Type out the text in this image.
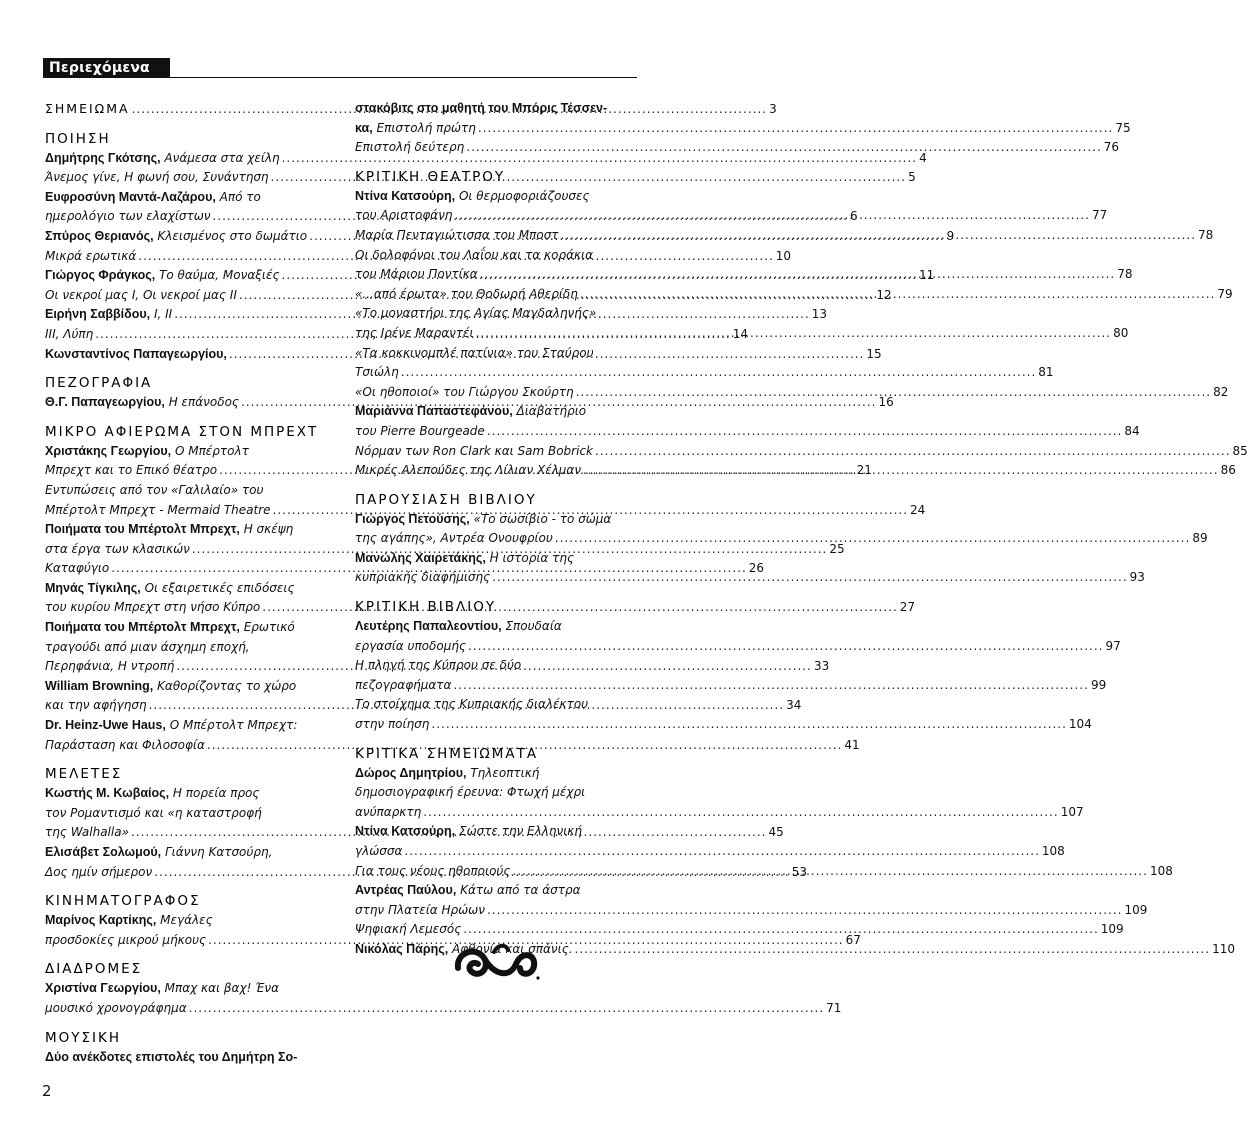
Περιεχόμενα
ΣΗΜΕΙΩΜΑ .....	3
ΠΟΙΗΣΗ
Δημήτρης Γκότσης, Ανάμεσα στα χείλη .....	4
Άνεμος γίνε, Η φωνή σου, Συνάντηση .....	5
Ευφροσύνη Μαντά-Λαζάρου, Από το
ημερολόγιο των ελαχίστων .....	6
Σπύρος Θεριανός, Κλεισμένος στο δωμάτιο .....	9
Μικρά ερωτικά .....	10
Γιώργος Φράγκος, Το θαύμα, Μοναξιές .....	11
Οι νεκροί μας I, Οι νεκροί μας II .....	12
Ειρήνη Σαββίδου, I, II .....	13
III, Λύπη .....	14
Κωνσταντίνος Παπαγεωργίου, .....	15
ΠΕΖΟΓΡΑΦΙΑ
Θ.Γ. Παπαγεωργίου, Η επάνοδος .....	16
ΜΙΚΡΟ ΑΦΙΕΡΩΜΑ ΣΤΟΝ ΜΠΡΕΧΤ
Χριστάκης Γεωργίου, Ο Μπέρτολτ
Μπρεχτ και το Επικό θέατρο .....	21
Εντυπώσεις από τον «Γαλιλαίο» του
Μπέρτολτ Μπρεχτ - Mermaid Theatre .....	24
Ποιήματα του Μπέρτολτ Μπρεχτ, Η σκέψη
στα έργα των κλασικών .....	25
Καταφύγιο .....	26
Μηνάς Τίγκιλης, Οι εξαιρετικές επιδόσεις
του κυρίου Μπρεχτ στη νήσο Κύπρο .....	27
Ποιήματα του Μπέρτολτ Μπρεχτ, Ερωτικό
τραγούδι από μιαν άσχημη εποχή,
Περηφάνια, Η ντροπή .....	33
William Browning, Καθορίζοντας το χώρο
και την αφήγηση .....	34
Dr. Heinz-Uwe Haus, Ο Μπέρτολτ Μπρεχτ:
Παράσταση και Φιλοσοφία .....	41
ΜΕΛΕΤΕΣ
Κωστής Μ. Κωβαίος, Η πορεία προς
τον Ρομαντισμό και «η καταστροφή
της Walhalla» .....	45
Ελισάβετ Σολωμού, Γιάννη Κατσούρη,
Δος ημίν σήμερον .....	53
ΚΙΝΗΜΑΤΟΓΡΑΦΟΣ
Μαρίνος Καρτίκης, Μεγάλες
προσδοκίες μικρού μήκους .....	67
ΔΙΑΔΡΟΜΕΣ
Χριστίνα Γεωργίου, Μπαχ και βαχ! Ένα
μουσικό χρονογράφημα .....	71
ΜΟΥΣΙΚΗ
Δύο ανέκδοτες επιστολές του Δημήτρη Σο-
στακόβιτς στο μαθητή του Μπόρις Τέσσεν-
κα, Επιστολή πρώτη .....	75
Επιστολή δεύτερη .....	76
ΚΡΙΤΙΚΗ ΘΕΑΤΡΟΥ
Ντίνα Κατσούρη, Οι θερμοφοριάζουσες
του Αριστοφάνη .....	77
Μαρία Πενταγιώτισσα του Μποστ .....	78
Οι δολοφόνοι του Λαΐου και τα κοράκια
του Μάριου Ποντίκα .....	78
«...από έρωτα» του Θοδωρή Αθερίδη .....	79
«Το μοναστήρι της Αγίας Μαγδαληνής»
της Ιρένε Μαραντέι .....	80
«Τα κοκκινομπλέ πατίνια» του Σταύρου
Τσιώλη .....	81
«Οι ηθοποιοί» του Γιώργου Σκούρτη .....	82
Μαριάννα Παπαστεφάνου, Διαβατήριο
του Pierre Bourgeade .....	84
Νόρμαν των Ron Clark και Sam Bobrick .....	85
Μικρές Αλεπούδες της Λίλιαν Χέλμαν .....	86
ΠΑΡΟΥΣΙΑΣΗ ΒΙΒΛΙΟΥ
Γιώργος Πετούσης, «Το σωσίβιο - το σώμα
της αγάπης», Αντρέα Ονουφρίου .....	89
Μανώλης Χαιρετάκης, Η ιστορία της
κυπριακής διαφήμισης .....	93
ΚΡΙΤΙΚΗ ΒΙΒΛΙΟΥ
Λευτέρης Παπαλεοντίου, Σπουδαία
εργασία υποδομής .....	97
Η πληγή της Κύπρου σε δύο
πεζογραφήματα .....	99
Το στοίχημα της Κυπριακής διαλέκτου
στην ποίηση .....	104
ΚΡΙΤΙΚΑ ΣΗΜΕΙΩΜΑΤΑ
Δώρος Δημητρίου, Τηλεοπτική
δημοσιογραφική έρευνα: Φτωχή μέχρι
ανύπαρκτη .....	107
Ντίνα Κατσούρη, Σώστε την Ελληνική
γλώσσα .....	108
Για τους νέους ηθοποιούς .....	108
Αντρέας Παύλου, Κάτω από τα άστρα
στην Πλατεία Ηρώων .....	109
Ψηφιακή Λεμεσός .....	109
Νικόλας Πάρης, Αφθονία και σπάνις. .....	110
2
